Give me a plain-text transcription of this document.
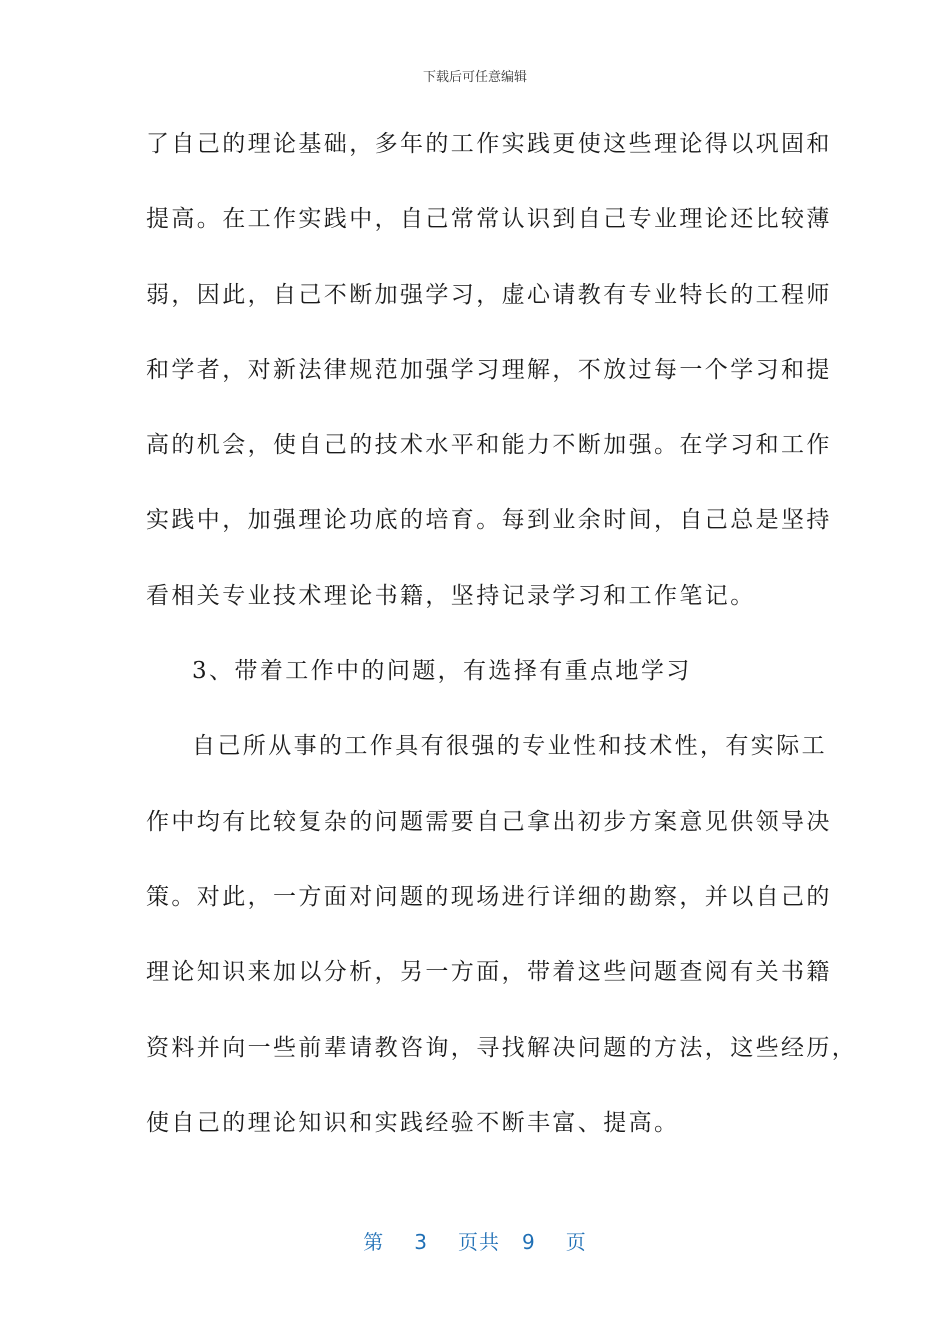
下载后可任意编辑
了自己的理论基础，多年的工作实践更使这些理论得以巩固和
提高。在工作实践中，自己常常认识到自己专业理论还比较薄
弱，因此，自己不断加强学习，虚心请教有专业特长的工程师
和学者，对新法律规范加强学习理解，不放过每一个学习和提
高的机会，使自己的技术水平和能力不断加强。在学习和工作
实践中，加强理论功底的培育。每到业余时间，自己总是坚持
看相关专业技术理论书籍，坚持记录学习和工作笔记。
3、带着工作中的问题，有选择有重点地学习
自己所从事的工作具有很强的专业性和技术性，有实际工
作中均有比较复杂的问题需要自己拿出初步方案意见供领导决
策。对此，一方面对问题的现场进行详细的勘察，并以自己的
理论知识来加以分析，另一方面，带着这些问题查阅有关书籍
资料并向一些前辈请教咨询，寻找解决问题的方法，这些经历，
使自己的理论知识和实践经验不断丰富、提高。
第 3 页共 9 页
